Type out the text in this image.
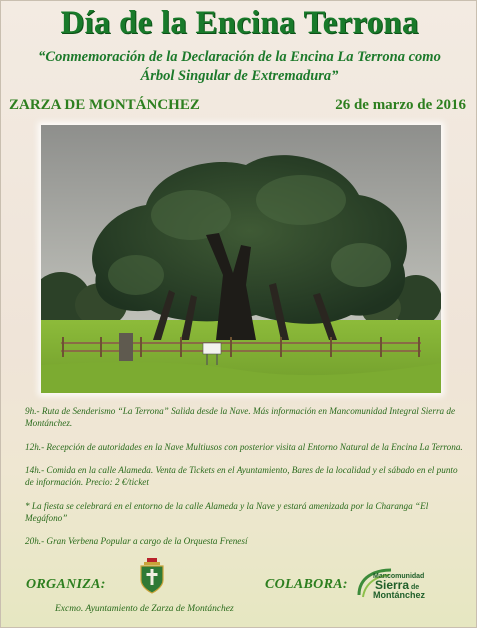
Día de la Encina Terrona
“Conmemoración de la Declaración de la Encina La Terrona como
Árbol Singular de Extremadura”
ZARZA DE MONTÁNCHEZ	26 de marzo de 2016

9h.- Ruta de Senderismo “La Terrona” Salida desde la Nave. Más información en Mancomunidad Integral Sierra de Montánchez.

12h.- Recepción de autoridades en la Nave Multiusos con posterior visita al Entorno Natural de la Encina La Terrona.

14h.- Comida en la calle Alameda. Venta de Tickets en el Ayuntamiento, Bares de la localidad y el sábado en el punto de información. Precio: 2 €/ticket

* La fiesta se celebrará en el entorno de la calle Alameda y la Nave y estará amenizada por la Charanga “El Megáfono”

20h.- Gran Verbena Popular a cargo de la Orquesta Frenesí

ORGANIZA:	COLABORA:
Mancomunidad
Sierra de
Montánchez
Excmo. Ayuntamiento de Zarza de Montánchez
